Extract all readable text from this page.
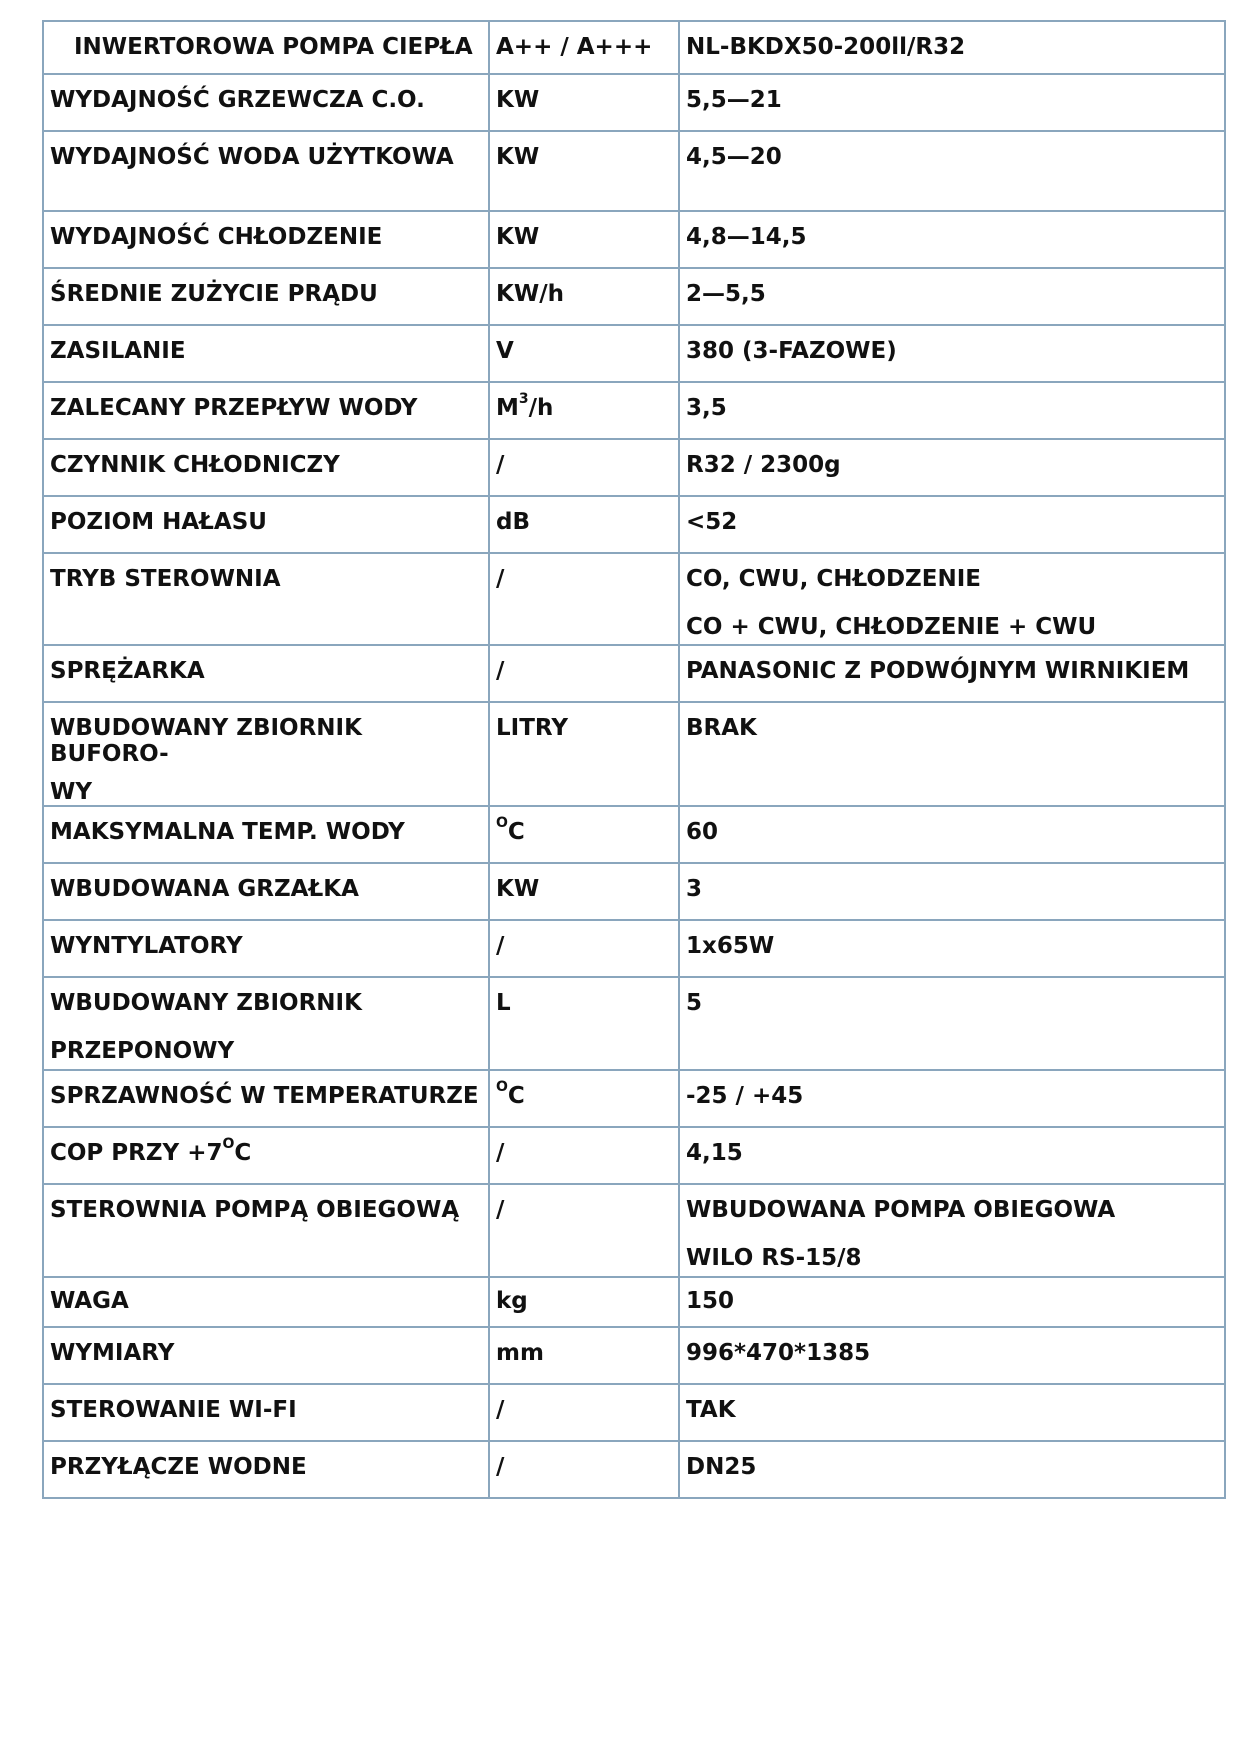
INWERTOROWA POMPA CIEPŁA	A++ / A+++	NL-BKDX50-200ll/R32

WYDAJNOŚĆ GRZEWCZA C.O.	KW	5,5—21

WYDAJNOŚĆ WODA UŻYTKOWA	KW	4,5—20

WYDAJNOŚĆ CHŁODZENIE	KW	4,8—14,5

ŚREDNIE ZUŻYCIE PRĄDU	KW/h	2—5,5

ZASILANIE	V	380 (3-FAZOWE)

ZALECANY PRZEPŁYW WODY	$M^3/h$	3,5

CZYNNIK CHŁODNICZY	/	R32 / 2300g

POZIOM HAŁASU	dB	<52

TRYB STEROWNIA	/	CO, CWU, CHŁODZENIE
CO + CWU, CHŁODZENIE + CWU

SPRĘŻARKA	/	PANASONIC Z PODWÓJNYM WIRNIKIEM

WBUDOWANY ZBIORNIK BUFORO-
WY	LITRY	BRAK

MAKSYMALNA TEMP. WODY	$^O$C	60

WBUDOWANA GRZAŁKA	KW	3

WYNTYLATORY	/	1x65W

WBUDOWANY ZBIORNIK
PRZEPONOWY	L	5

SPRZAWNOŚĆ W TEMPERATURZE	$^O$C	-25 / +45

COP PRZY $+7^OC$	/	4,15

STEROWNIA POMPĄ OBIEGOWĄ	/	WBUDOWANA POMPA OBIEGOWA
WILO RS-15/8

WAGA	kg	150

WYMIARY	mm	996*470*1385

STEROWANIE WI-FI	/	TAK

PRZYŁĄCZE WODNE	/	DN25
